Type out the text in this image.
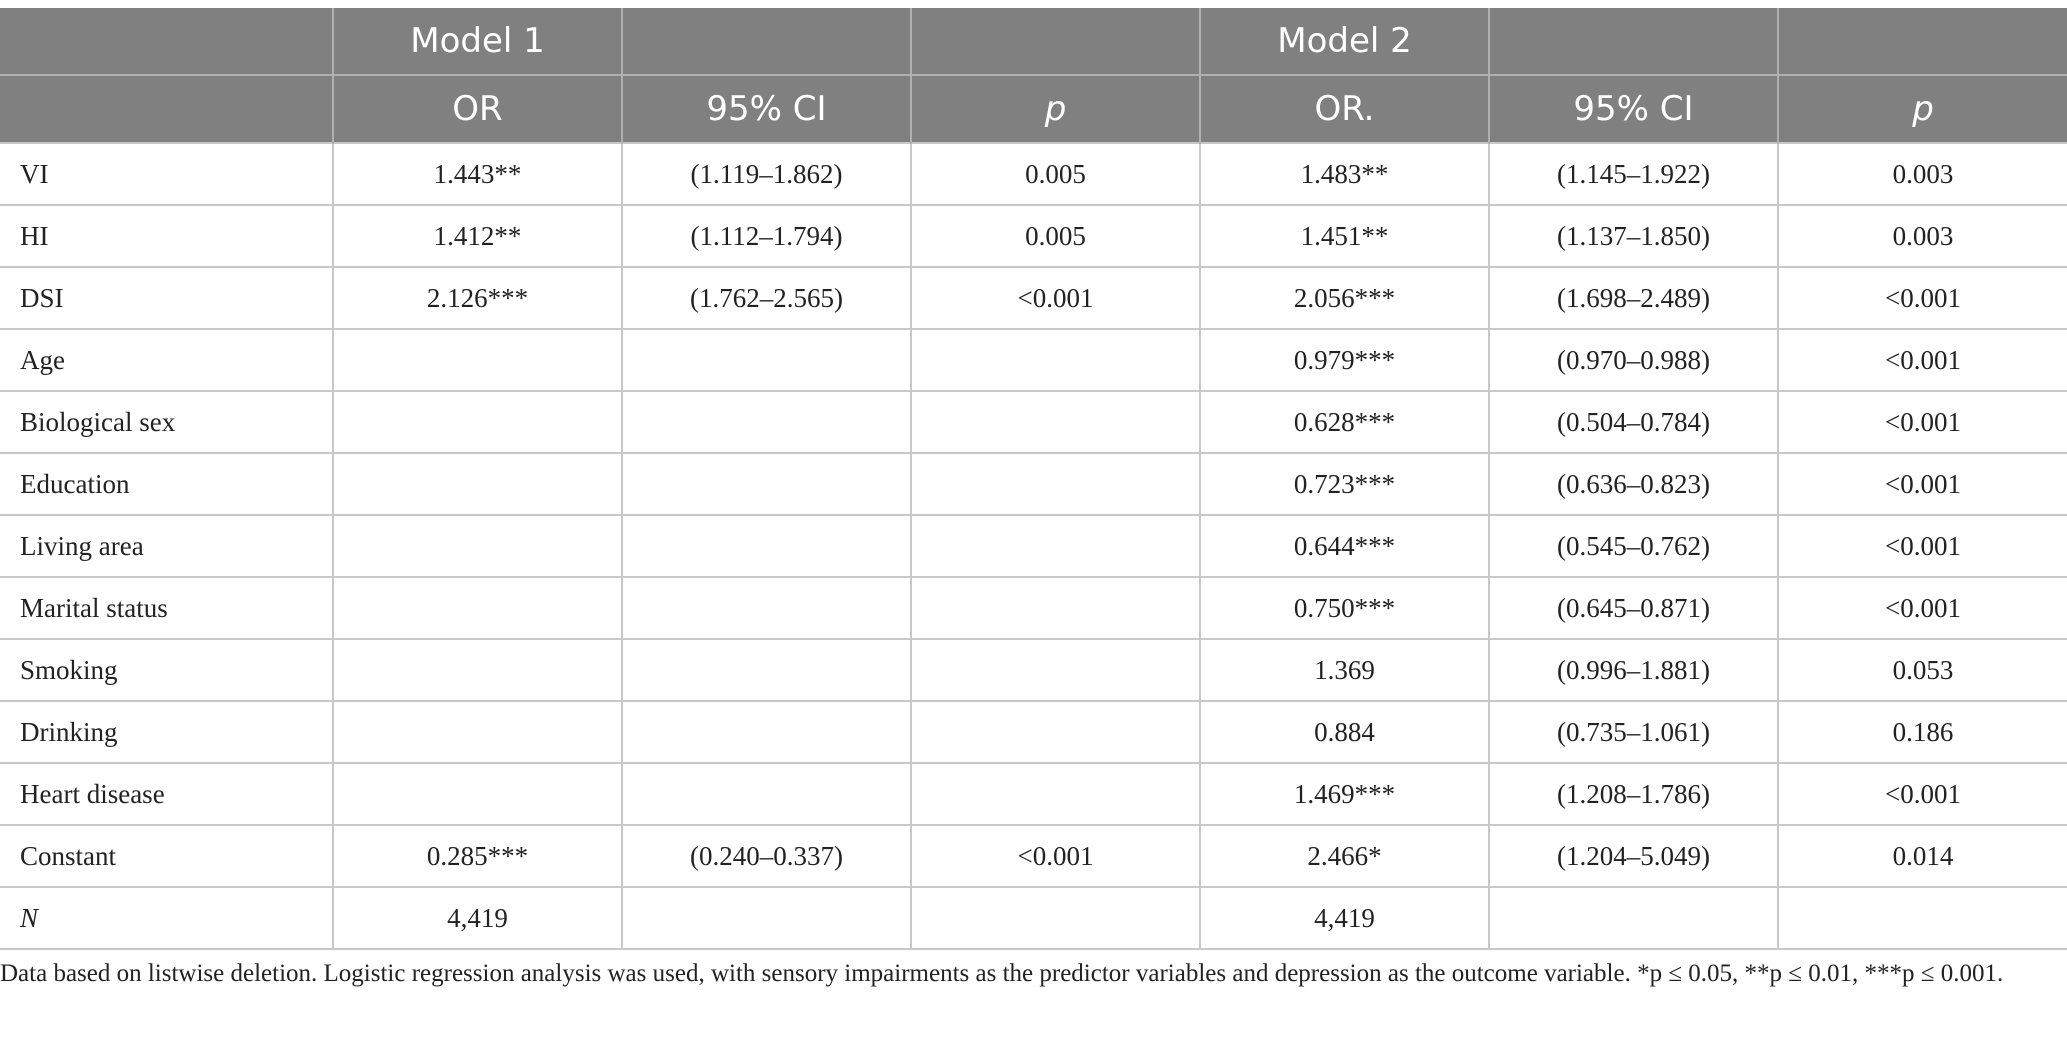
	Model 1			Model 2		
	OR	95% CI	p	OR.	95% CI	p
VI	1.443**	(1.119–1.862)	0.005	1.483**	(1.145–1.922)	0.003
HI	1.412**	(1.112–1.794)	0.005	1.451**	(1.137–1.850)	0.003
DSI	2.126***	(1.762–2.565)	<0.001	2.056***	(1.698–2.489)	<0.001
Age				0.979***	(0.970–0.988)	<0.001
Biological sex				0.628***	(0.504–0.784)	<0.001
Education				0.723***	(0.636–0.823)	<0.001
Living area				0.644***	(0.545–0.762)	<0.001
Marital status				0.750***	(0.645–0.871)	<0.001
Smoking				1.369	(0.996–1.881)	0.053
Drinking				0.884	(0.735–1.061)	0.186
Heart disease				1.469***	(1.208–1.786)	<0.001
Constant	0.285***	(0.240–0.337)	<0.001	2.466*	(1.204–5.049)	0.014
N	4,419			4,419		
Data based on listwise deletion. Logistic regression analysis was used, with sensory impairments as the predictor variables and depression as the outcome variable. *p ≤ 0.05, **p ≤ 0.01, ***p ≤ 0.001.
